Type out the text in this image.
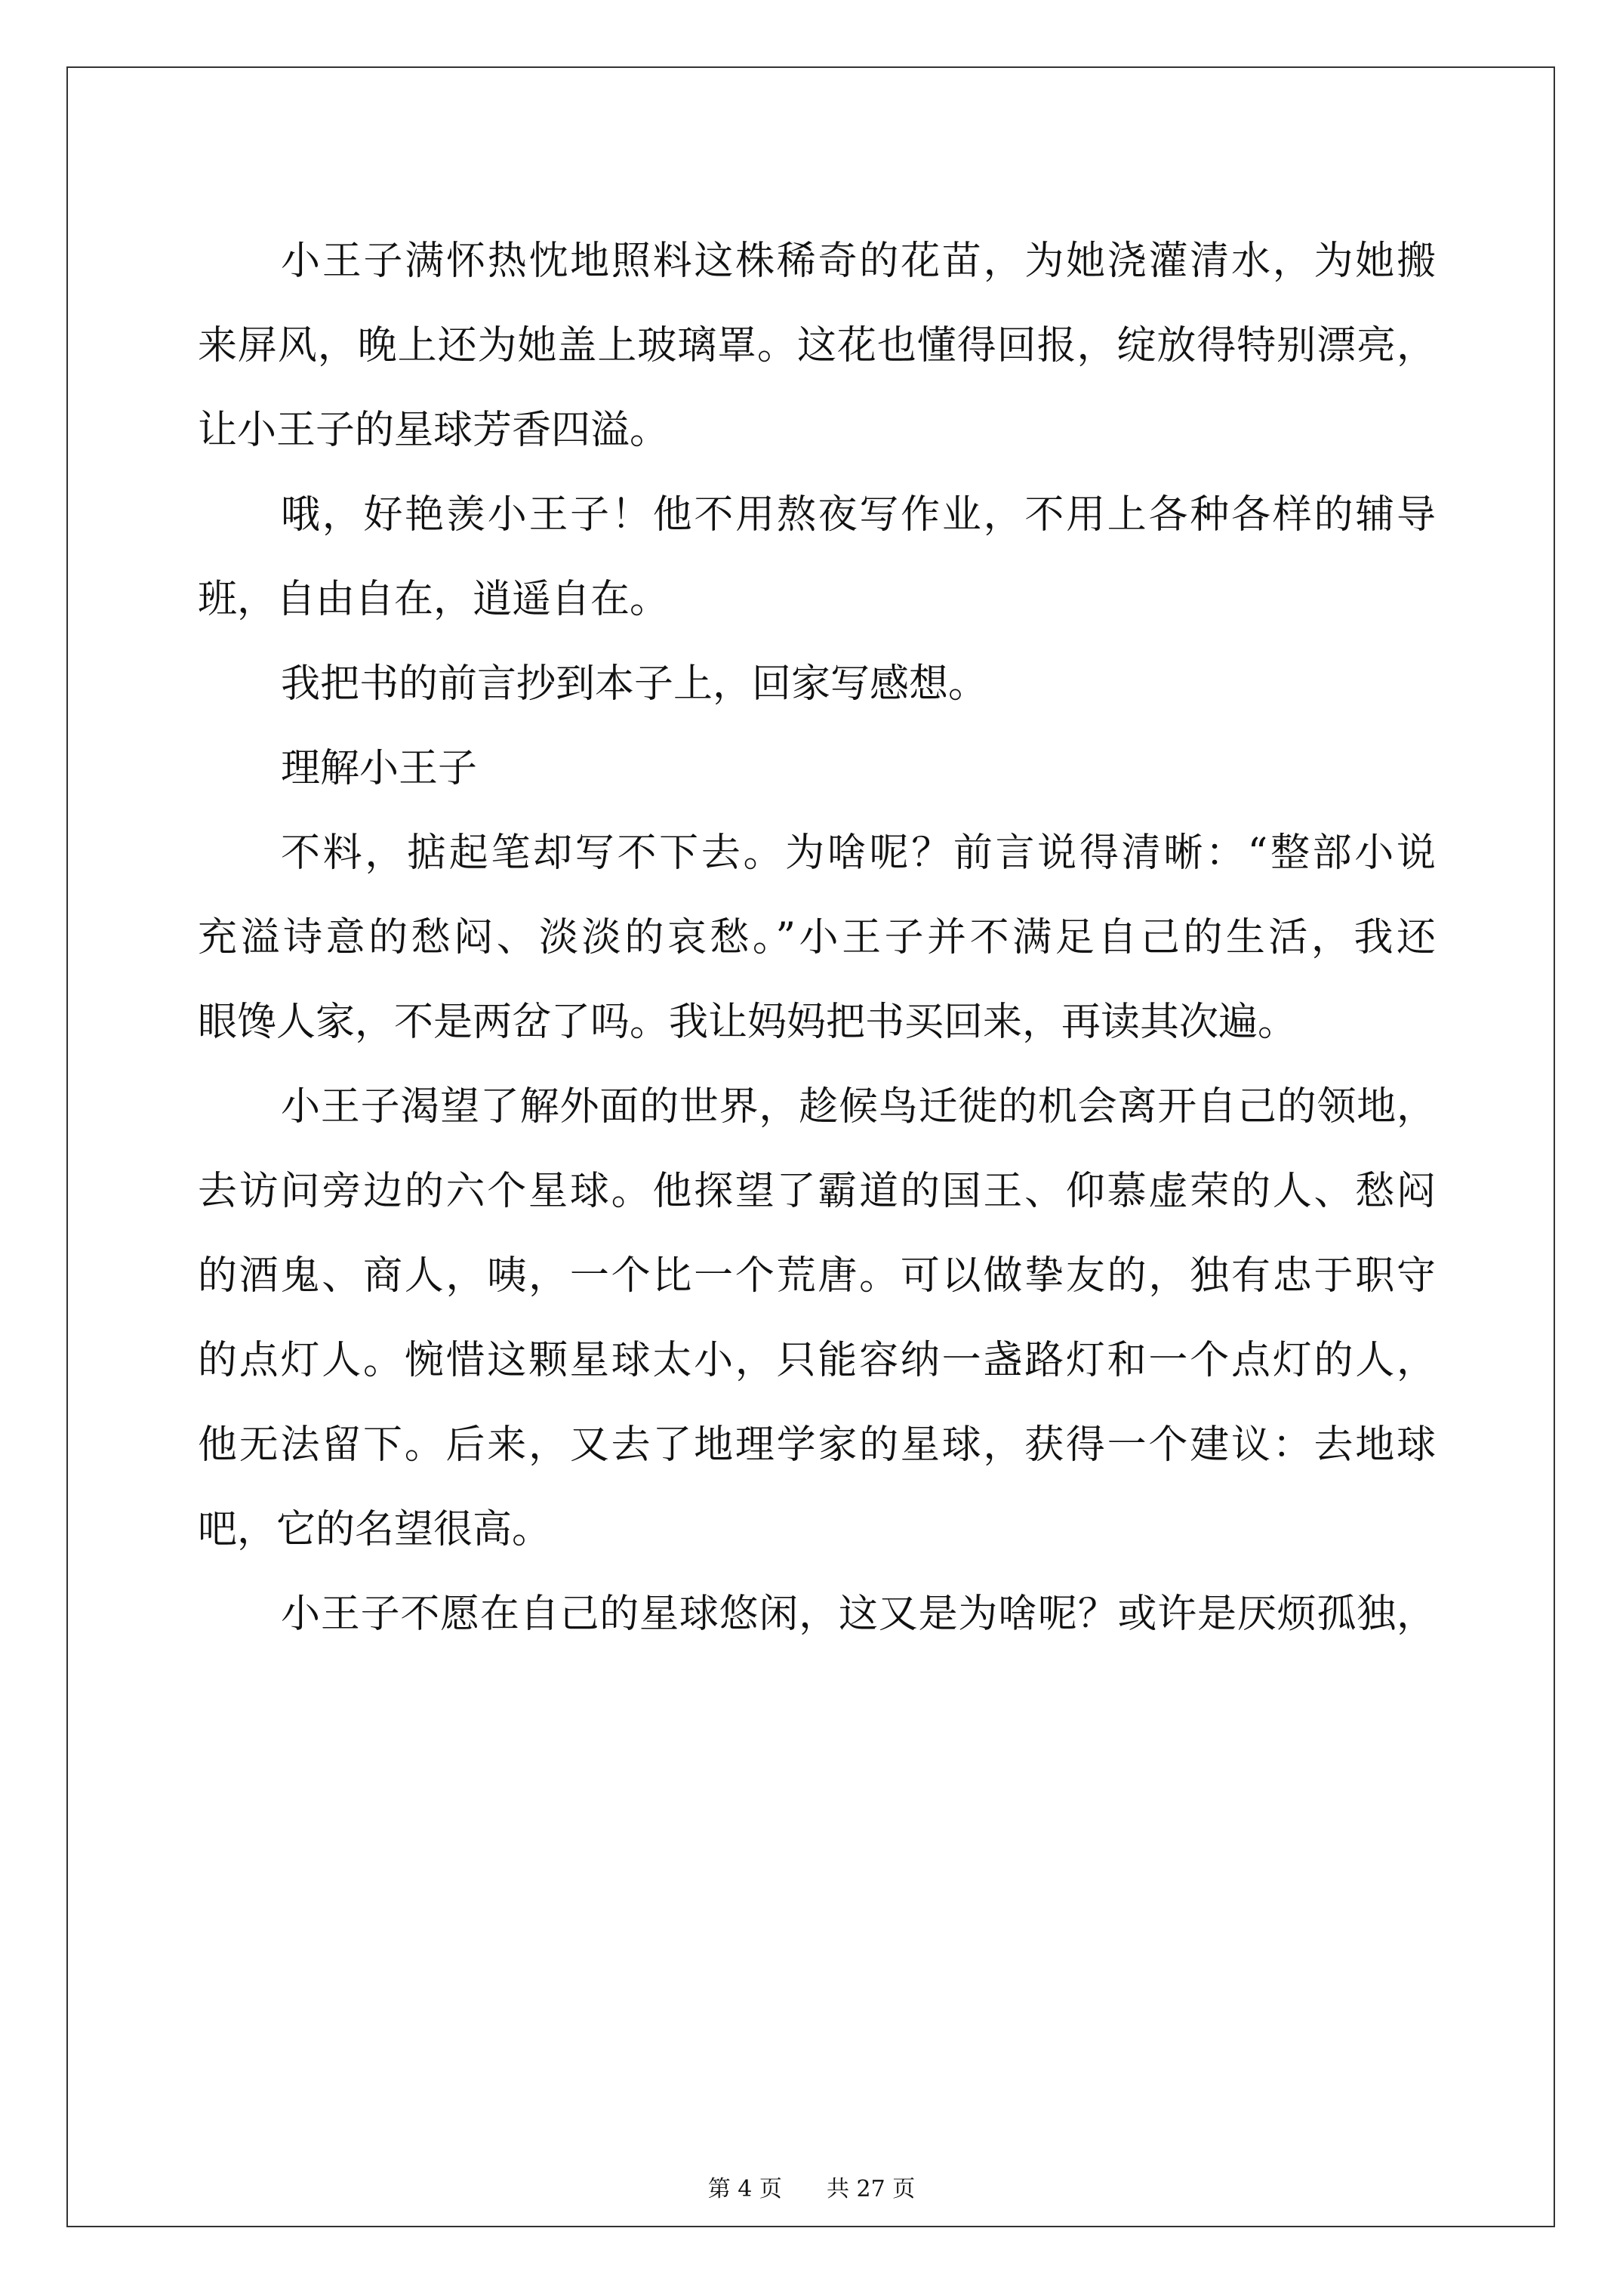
小王子满怀热忱地照料这株稀奇的花苗，为她浇灌清水，为她搬
来屏风，晚上还为她盖上玻璃罩。这花也懂得回报，绽放得特别漂亮，
让小王子的星球芳香四溢。
哦，好艳羡小王子！他不用熬夜写作业，不用上各种各样的辅导
班，自由自在，逍遥自在。
我把书的前言抄到本子上，回家写感想。
理解小王子
不料，掂起笔却写不下去。为啥呢？前言说得清晰：“整部小说
充溢诗意的愁闷、淡淡的哀愁。”小王子并不满足自己的生活，我还
眼馋人家，不是两岔了吗。我让妈妈把书买回来，再读其次遍。
小王子渴望了解外面的世界，趁候鸟迁徙的机会离开自己的领地，
去访问旁边的六个星球。他探望了霸道的国王、仰慕虚荣的人、愁闷
的酒鬼、商人，咦，一个比一个荒唐。可以做挚友的，独有忠于职守
的点灯人。惋惜这颗星球太小，只能容纳一盏路灯和一个点灯的人，
他无法留下。后来，又去了地理学家的星球，获得一个建议：去地球
吧，它的名望很高。
小王子不愿在自己的星球悠闲，这又是为啥呢？或许是厌烦孤独，
第 4 页 共 27 页
